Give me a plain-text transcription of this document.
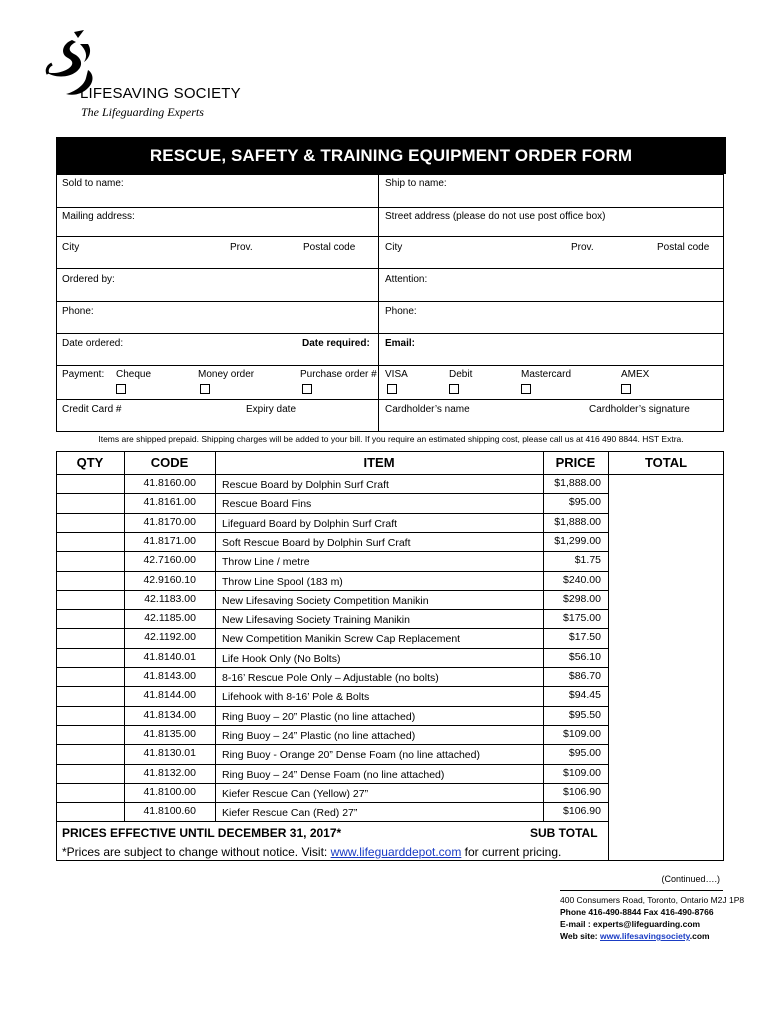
LIFESAVING SOCIETY
The Lifeguarding Experts
RESCUE, SAFETY & TRAINING EQUIPMENT ORDER FORM
Sold to name:
Mailing address:
City	Prov.	Postal code
Ordered by:
Phone:
Date ordered:	Date required:
Payment: Cheque	Money order	Purchase order #
Credit Card #	Expiry date
Ship to name:
Street address (please do not use post office box)
City	Prov.	Postal code
Attention:
Phone:
Email:
VISA	Debit	Mastercard	AMEX
Cardholder’s name	Cardholder’s signature
Items are shipped prepaid. Shipping charges will be added to your bill. If you require an estimated shipping cost, please call us at 416 490 8844. HST Extra.
QTY	CODE	ITEM	PRICE	TOTAL
41.8160.00 Rescue Board by Dolphin Surf Craft	$1,888.00
41.8161.00 Rescue Board Fins	$95.00
41.8170.00 Lifeguard Board by Dolphin Surf Craft	$1,888.00
41.8171.00 Soft Rescue Board by Dolphin Surf Craft	$1,299.00
42.7160.00 Throw Line / metre	$1.75
42.9160.10 Throw Line Spool (183 m)	$240.00
42.1183.00 New Lifesaving Society Competition Manikin	$298.00
42.1185.00 New Lifesaving Society Training Manikin	$175.00
42.1192.00 New Competition Manikin Screw Cap Replacement	$17.50
41.8140.01 Life Hook Only (No Bolts)	$56.10
41.8143.00 8-16’ Rescue Pole Only – Adjustable (no bolts)	$86.70
41.8144.00 Lifehook with 8-16’ Pole & Bolts	$94.45
41.8134.00 Ring Buoy – 20” Plastic (no line attached)	$95.50
41.8135.00 Ring Buoy – 24” Plastic (no line attached)	$109.00
41.8130.01 Ring Buoy - Orange 20” Dense Foam (no line attached)	$95.00
41.8132.00 Ring Buoy – 24” Dense Foam (no line attached)	$109.00
41.8100.00 Kiefer Rescue Can (Yellow) 27”	$106.90
41.8100.60 Kiefer Rescue Can (Red) 27”	$106.90
PRICES EFFECTIVE UNTIL DECEMBER 31, 2017*	SUB TOTAL
*Prices are subject to change without notice. Visit: www.lifeguarddepot.com for current pricing.
(Continued….)
400 Consumers Road, Toronto, Ontario M2J 1P8
Phone 416-490-8844 Fax 416-490-8766
E-mail : experts@lifeguarding.com
Web site: www.lifesavingsociety.com
